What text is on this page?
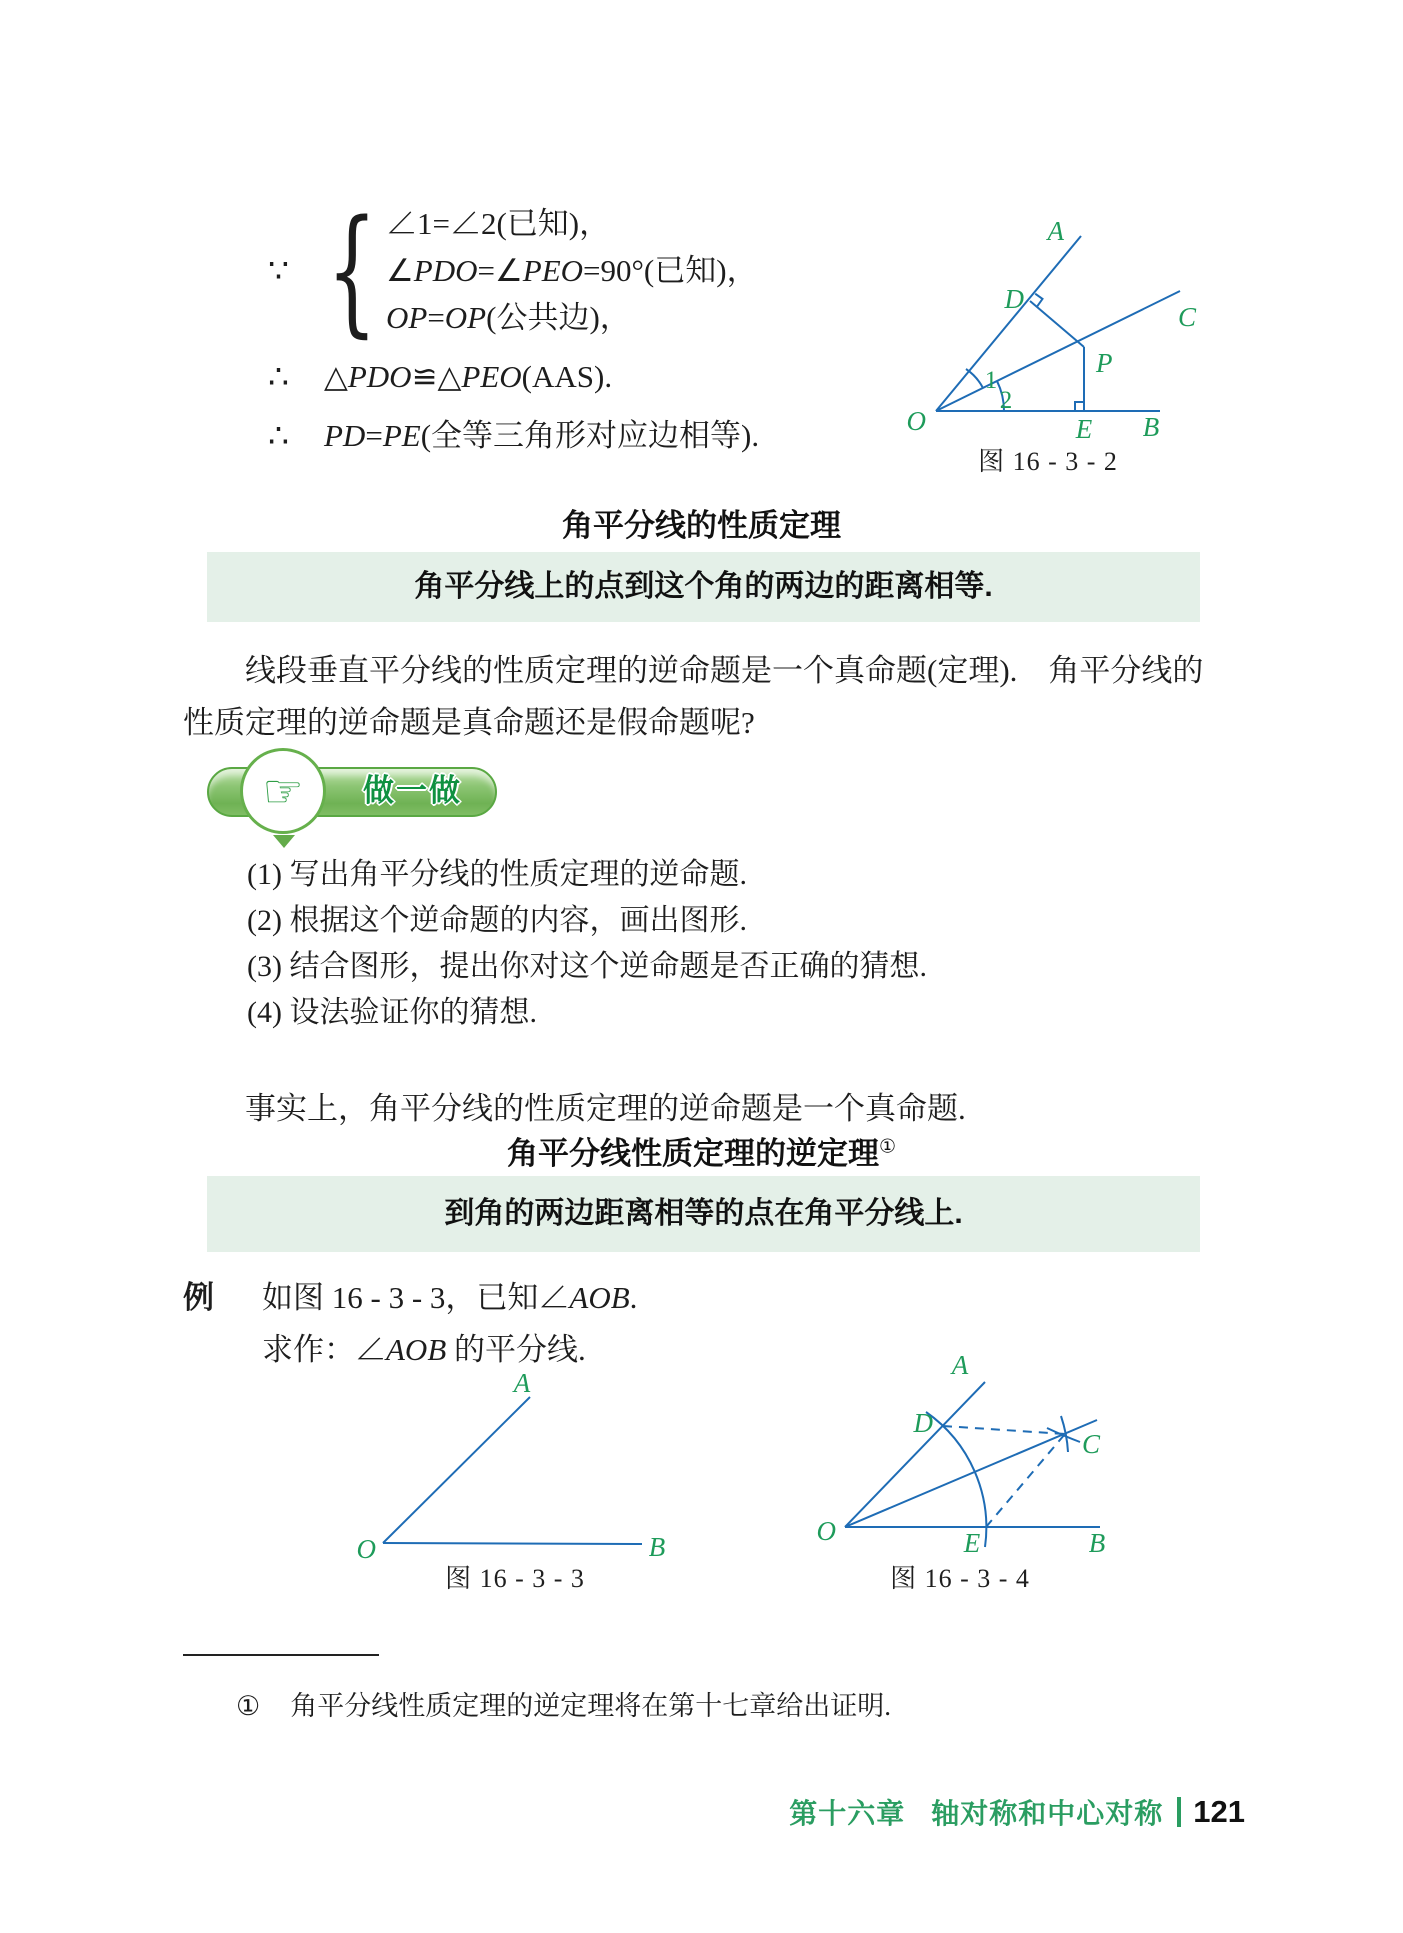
∵ { ∠1=∠2(已知)，
∠PDO=∠PEO=90°(已知)，
OP=OP(公共边)，
∴	△PDO≌△PEO(AAS).
∴	PD=PE(全等三角形对应边相等).
A
D
C
P
O	E B
1
2
图 16 - 3 - 2
角平分线的性质定理
角平分线上的点到这个角的两边的距离相等.
线段垂直平分线的性质定理的逆命题是一个真命题(定理).　角平分线的
性质定理的逆命题是真命题还是假命题呢?
☞	做一做
(1) 写出角平分线的性质定理的逆命题.
(2) 根据这个逆命题的内容，画出图形.
(3) 结合图形，提出你对这个逆命题是否正确的猜想.
(4) 设法验证你的猜想.
事实上，角平分线的性质定理的逆命题是一个真命题.
角平分线性质定理的逆定理①
到角的两边距离相等的点在角平分线上.
例	如图 16 - 3 - 3，已知∠AOB.
求作：∠AOB 的平分线.
A
O	B
图 16 - 3 - 3
A
D
C
O	E	B
图 16 - 3 - 4
① 角平分线性质定理的逆定理将在第十七章给出证明.
第十六章 轴对称和中心对称 121
